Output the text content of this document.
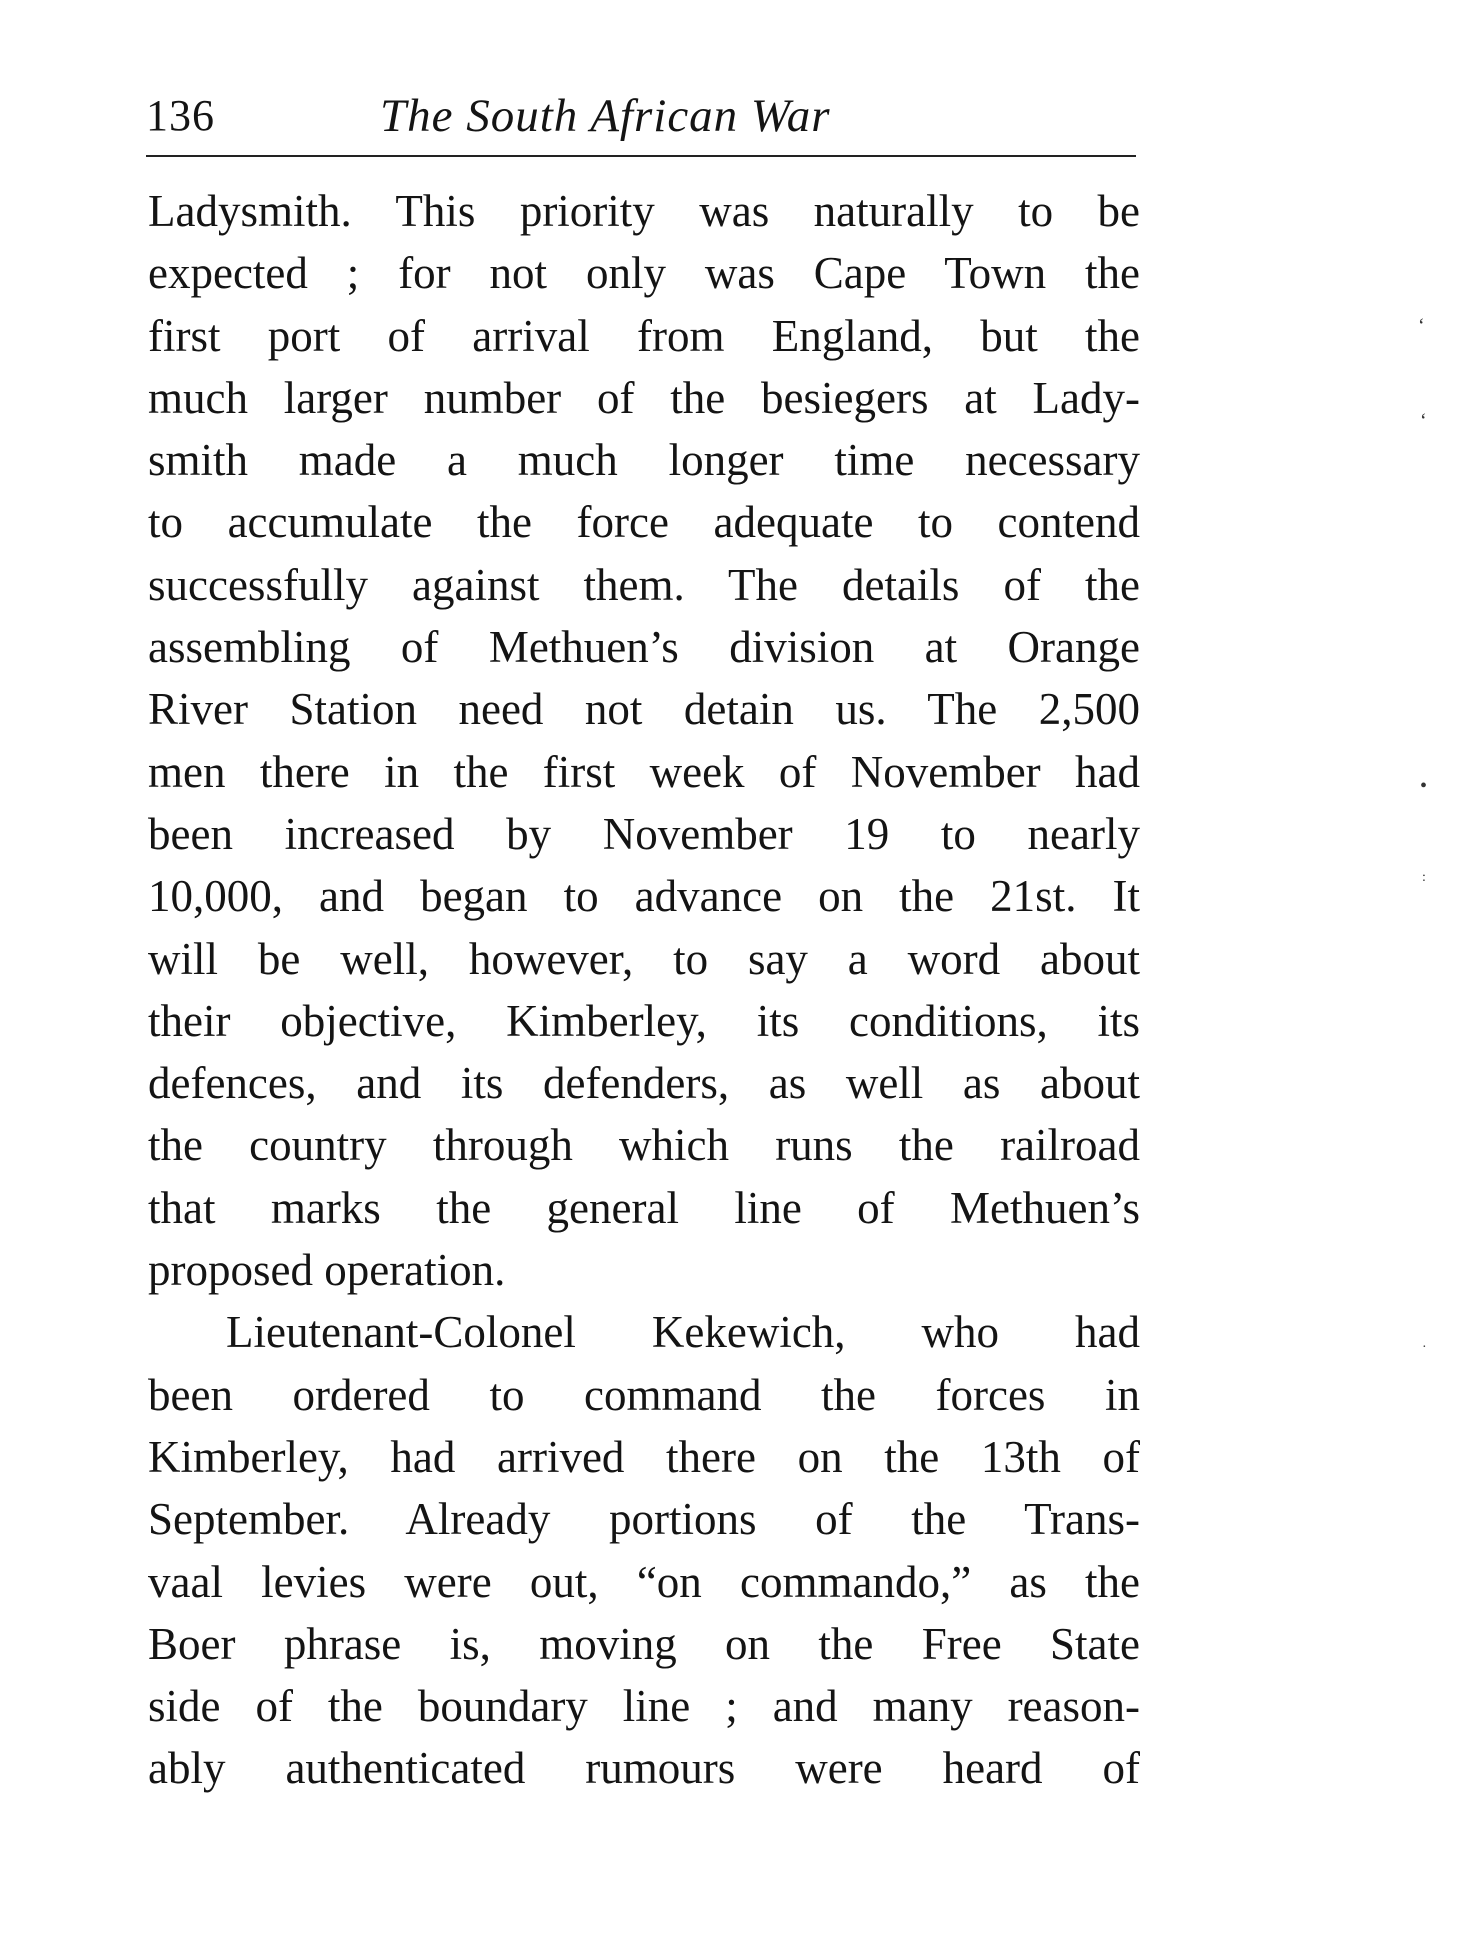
136	The South African War
Ladysmith. This priority was naturally to be
expected ; for not only was Cape Town the
first port of arrival from England, but the
much larger number of the besiegers at Lady-
smith made a much longer time necessary
to accumulate the force adequate to contend
successfully against them. The details of the
assembling of Methuen’s division at Orange
River Station need not detain us. The 2,500
men there in the first week of November had
been increased by November 19 to nearly
10,000, and began to advance on the 21st. It
will be well, however, to say a word about
their objective, Kimberley, its conditions, its
defences, and its defenders, as well as about
the country through which runs the railroad
that marks the general line of Methuen’s
proposed operation.
Lieutenant-Colonel Kekewich, who had
been ordered to command the forces in
Kimberley, had arrived there on the 13th of
September. Already portions of the Trans-
vaal levies were out, “on commando,” as the
Boer phrase is, moving on the Free State
side of the boundary line ; and many reason-
ably authenticated rumours were heard of
‘
‘
•
:
·
